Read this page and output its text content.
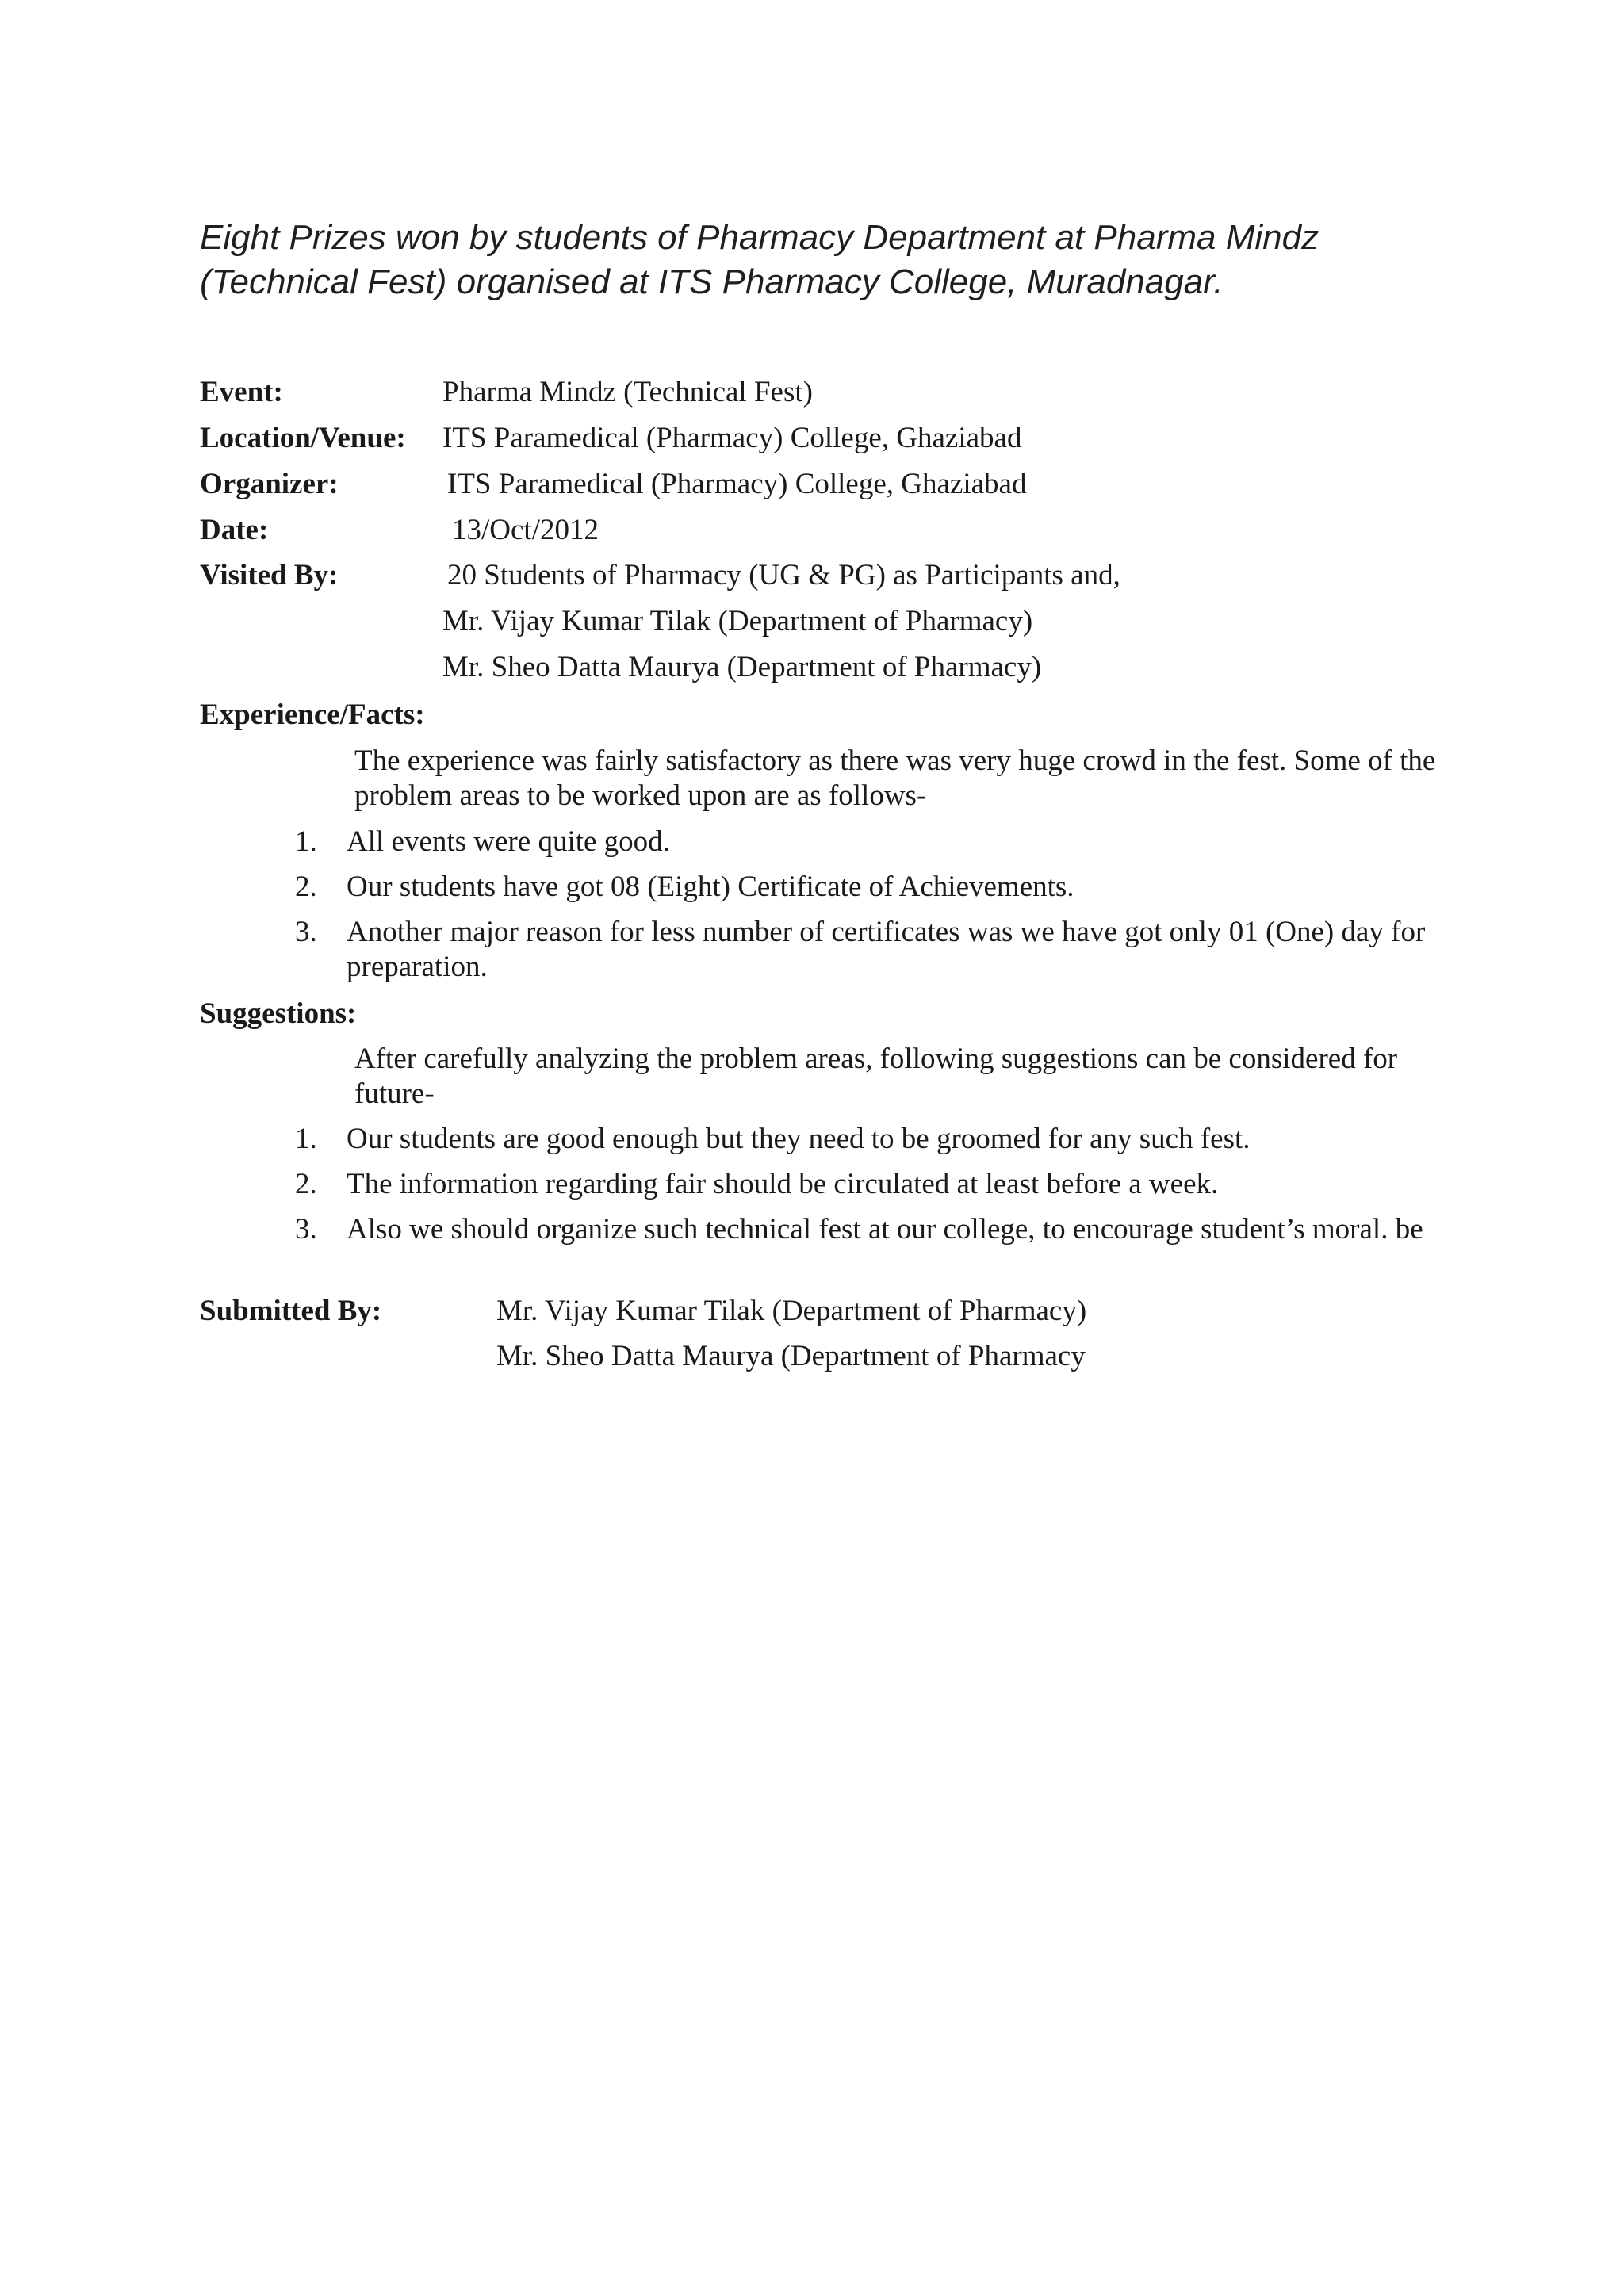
Eight Prizes won by students of Pharmacy Department at Pharma Mindz (Technical Fest) organised at ITS Pharmacy College, Muradnagar.
Event:	Pharma Mindz (Technical Fest)
Location/Venue: ITS Paramedical (Pharmacy) College, Ghaziabad
Organizer:	ITS Paramedical (Pharmacy) College, Ghaziabad
Date:	13/Oct/2012
Visited By:	20 Students of Pharmacy (UG & PG) as Participants and,
Mr. Vijay Kumar Tilak (Department of Pharmacy)
Mr. Sheo Datta Maurya (Department of Pharmacy)
Experience/Facts:
The experience was fairly satisfactory as there was very huge crowd in the fest. Some of the problem areas to be worked upon are as follows-
1. All events were quite good.
2. Our students have got 08 (Eight) Certificate of Achievements.
3. Another major reason for less number of certificates was we have got only 01 (One) day for preparation.
Suggestions:
After carefully analyzing the problem areas, following suggestions can be considered for future-
1. Our students are good enough but they need to be groomed for any such fest.
2. The information regarding fair should be circulated at least before a week.
3. Also we should organize such technical fest at our college, to encourage student’s moral. be
Submitted By:	Mr. Vijay Kumar Tilak (Department of Pharmacy)
Mr. Sheo Datta Maurya (Department of Pharmacy
